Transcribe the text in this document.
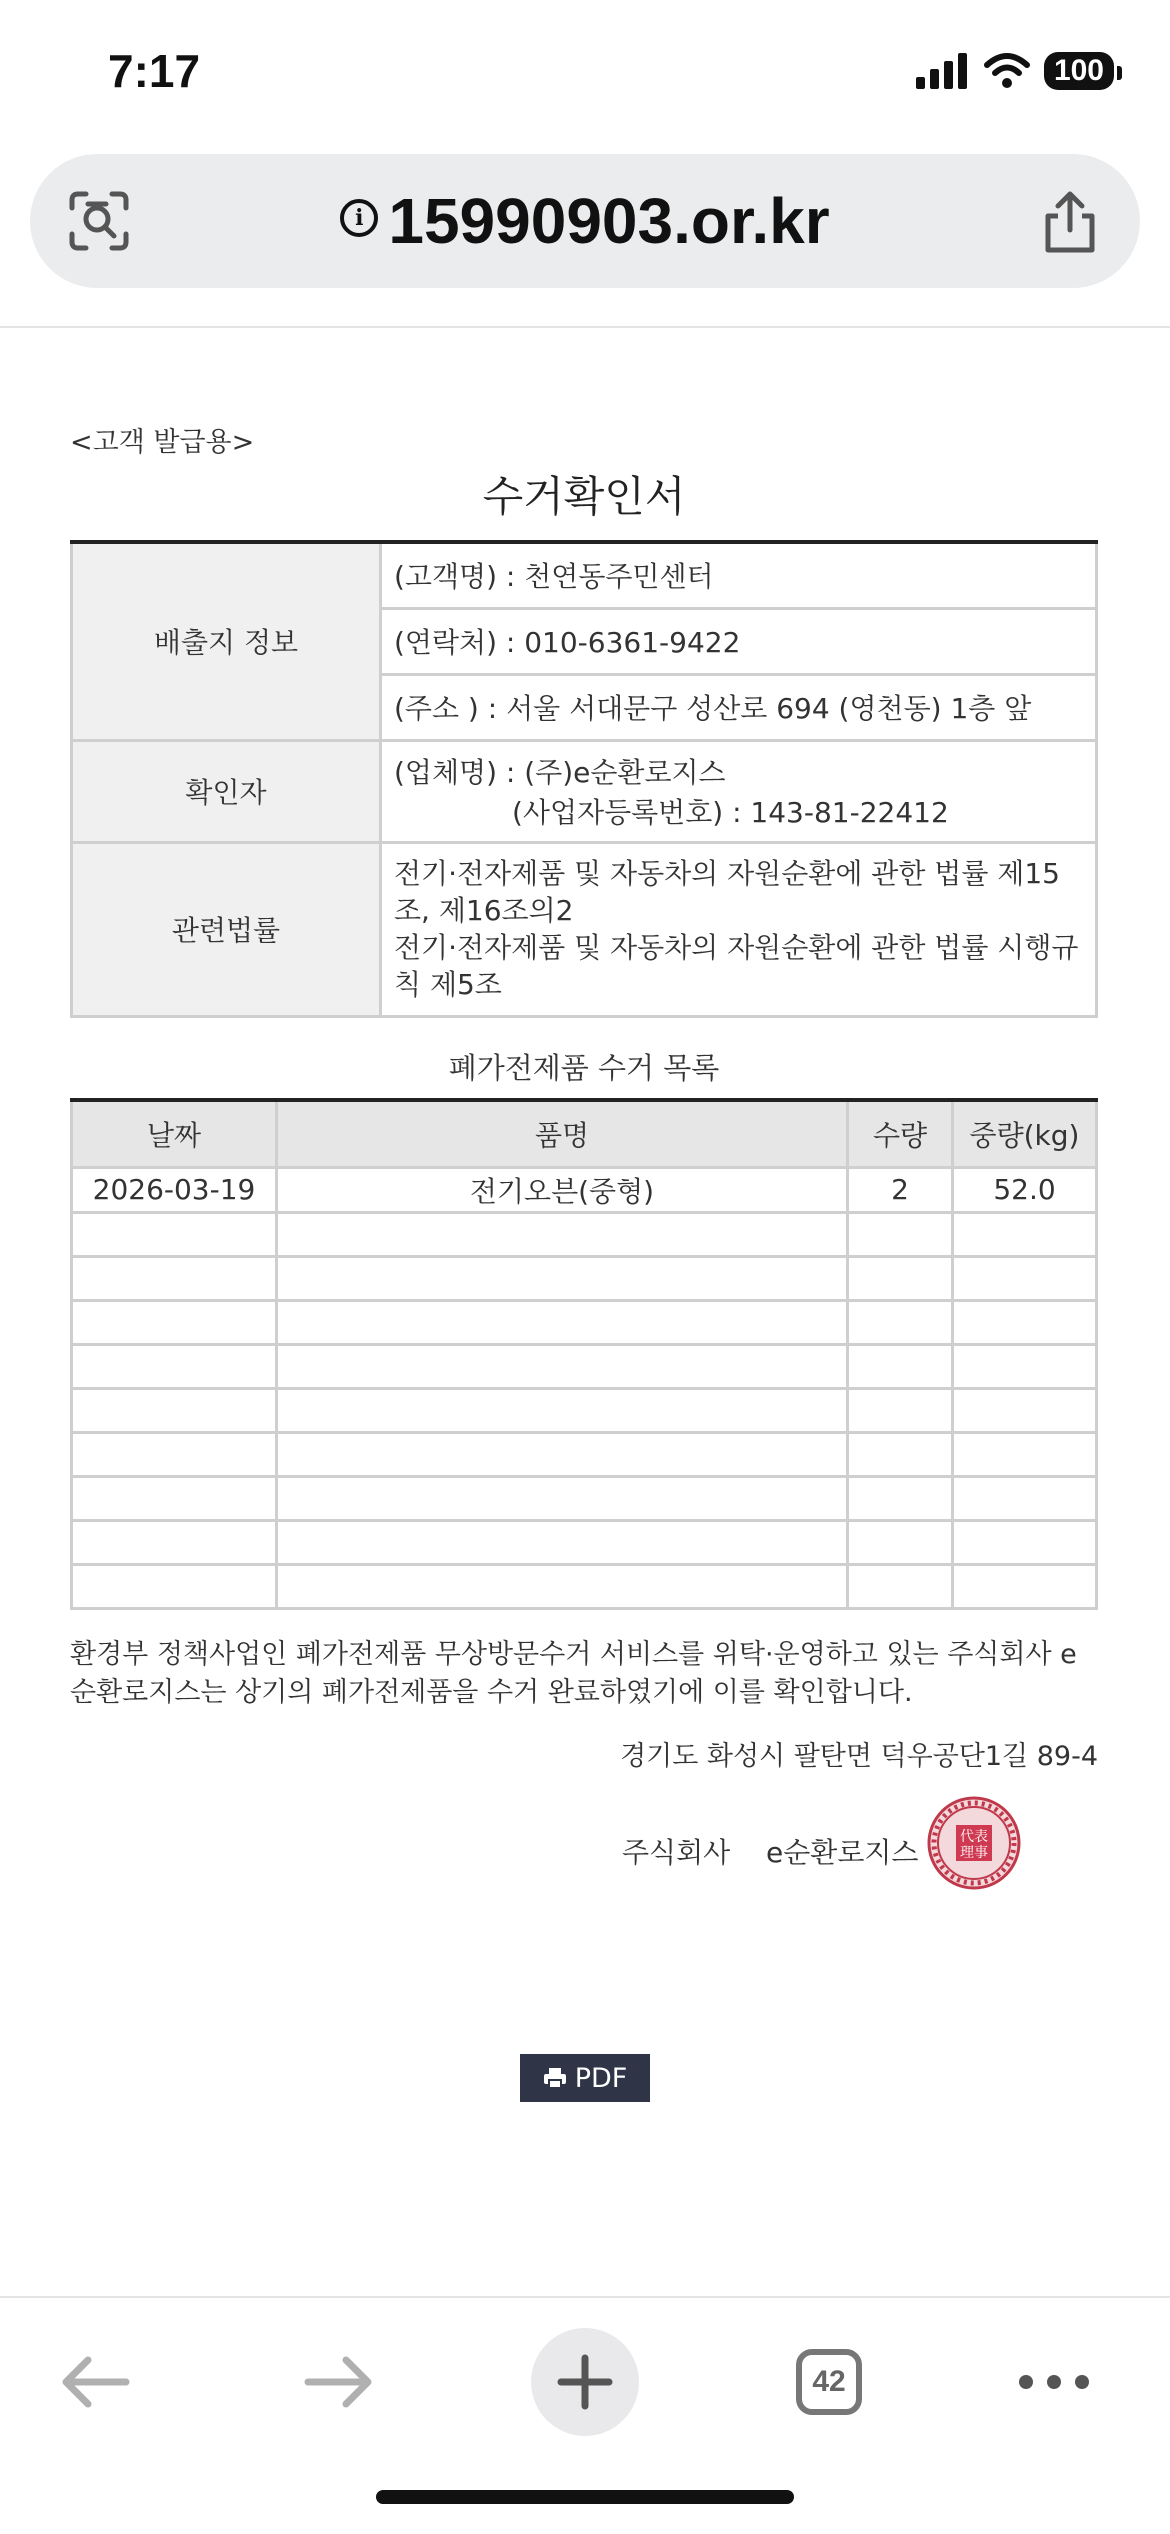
7:17	100
i 15990903.or.kr
<고객 발급용>
수거확인서
배출지 정보	(고객명) : 천연동주민센터
	(연락처) : 010-6361-9422
	(주소 ) : 서울 서대문구 성산로 694 (영천동) 1층 앞
확인자	(업체명) : (주)e순환로지스
(사업자등록번호) : 143-81-22412

관련법률	전기·전자제품 및 자동차의 자원순환에 관한 법률 제15조, 제16조의2
전기·전자제품 및 자동차의 자원순환에 관한 법률 시행규칙 제5조
폐가전제품 수거 목록
날짜	품명	수량	중량(kg)
2026-03-19	전기오븐(중형)	2	52.0

환경부 정책사업인 폐가전제품 무상방문수거 서비스를 위탁·운영하고 있는 주식회사 e순환로지스는 상기의 폐가전제품을 수거 완료하였기에 이를 확인합니다.
경기도 화성시 팔탄면 덕우공단1길 89-4
주식회사 e순환로지스	代表
理事
PDF
42
